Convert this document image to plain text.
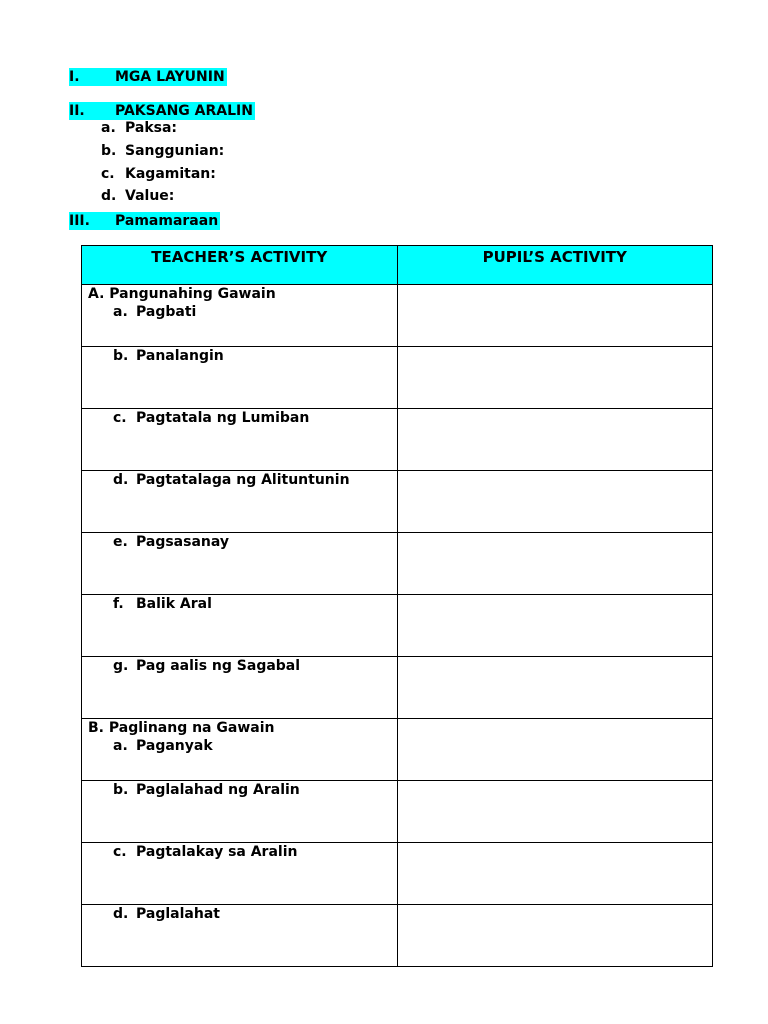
I.	MGA LAYUNIN
II. PAKSANG ARALIN
a. Paksa:
b. Sanggunian:
c. Kagamitan:
d. Value:
III. Pamamaraan
TEACHER’S ACTIVITY	PUPIL’S ACTIVITY

A. Pangunahing Gawain
a. Pagbati	

b. Panalangin	

c. Pagtatala ng Lumiban	

d. Pagtatalaga ng Alituntunin	

e. Pagsasanay	

f. Balik Aral	

g. Pag aalis ng Sagabal	

B. Paglinang na Gawain
a. Paganyak	

b. Paglalahad ng Aralin	

c. Pagtalakay sa Aralin	

d. Paglalahat	
